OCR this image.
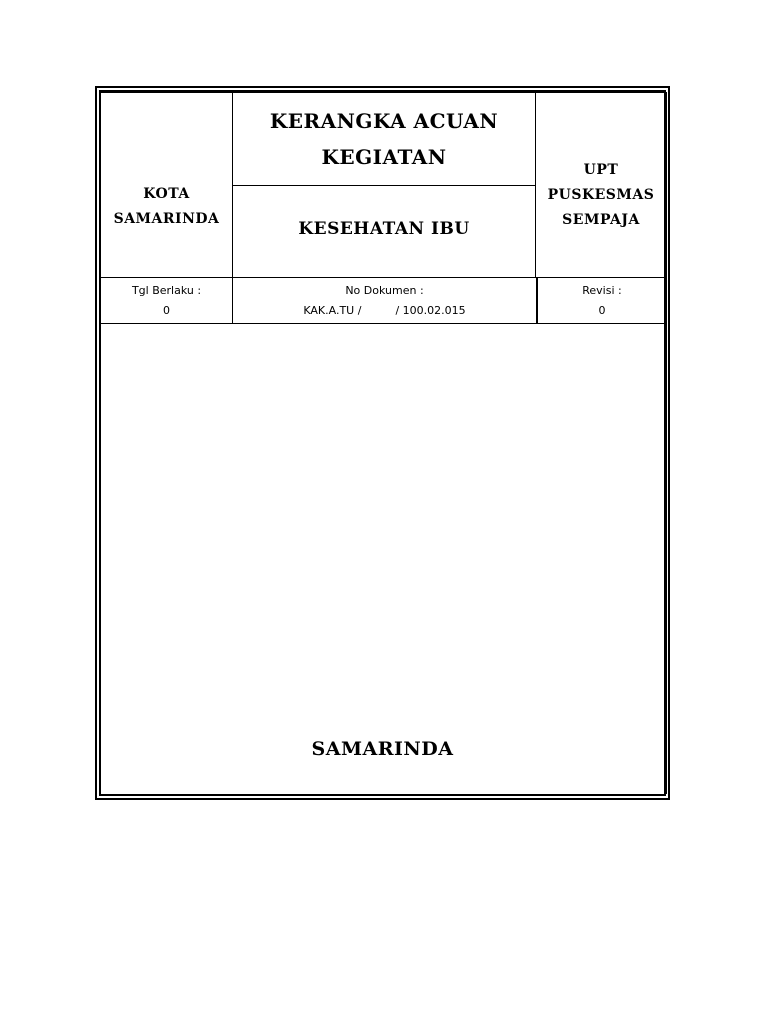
KOTA
SAMARINDA
KERANGKA ACUAN
KEGIATAN
KESEHATAN IBU
UPT
PUSKESMAS
SEMPAJA
Tgl Berlaku :
0
No Dokumen :
KAK.A.TU /	/ 100.02.015
Revisi :
0
SAMARINDA
